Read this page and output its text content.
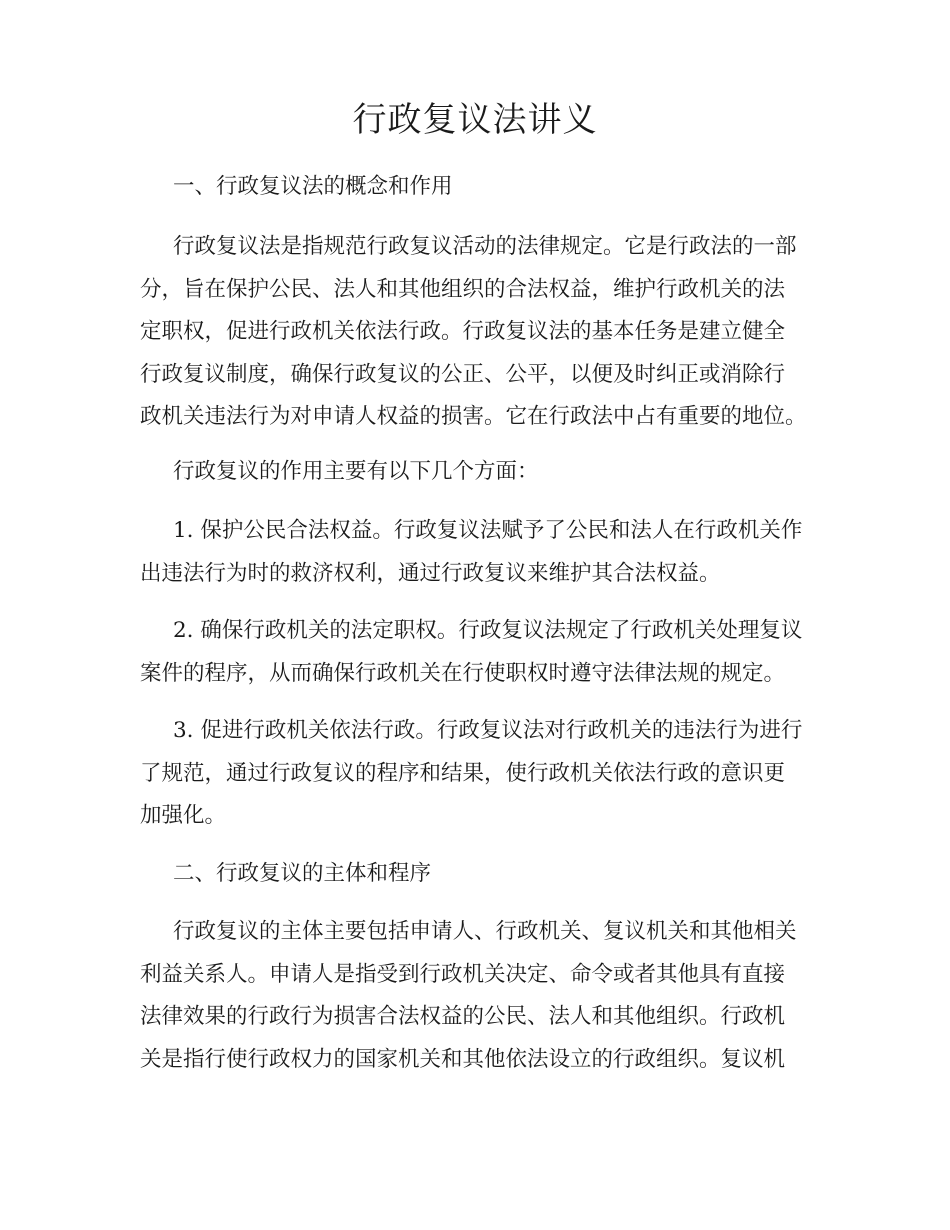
行政复议法讲义
一、行政复议法的概念和作用
行政复议法是指规范行政复议活动的法律规定。它是行政法的一部
分，旨在保护公民、法人和其他组织的合法权益，维护行政机关的法
定职权，促进行政机关依法行政。行政复议法的基本任务是建立健全
行政复议制度，确保行政复议的公正、公平，以便及时纠正或消除行
政机关违法行为对申请人权益的损害。它在行政法中占有重要的地位。
行政复议的作用主要有以下几个方面：
1. 保护公民合法权益。行政复议法赋予了公民和法人在行政机关作
出违法行为时的救济权利，通过行政复议来维护其合法权益。
2. 确保行政机关的法定职权。行政复议法规定了行政机关处理复议
案件的程序，从而确保行政机关在行使职权时遵守法律法规的规定。
3. 促进行政机关依法行政。行政复议法对行政机关的违法行为进行
了规范，通过行政复议的程序和结果，使行政机关依法行政的意识更
加强化。
二、行政复议的主体和程序
行政复议的主体主要包括申请人、行政机关、复议机关和其他相关
利益关系人。申请人是指受到行政机关决定、命令或者其他具有直接
法律效果的行政行为损害合法权益的公民、法人和其他组织。行政机
关是指行使行政权力的国家机关和其他依法设立的行政组织。复议机
